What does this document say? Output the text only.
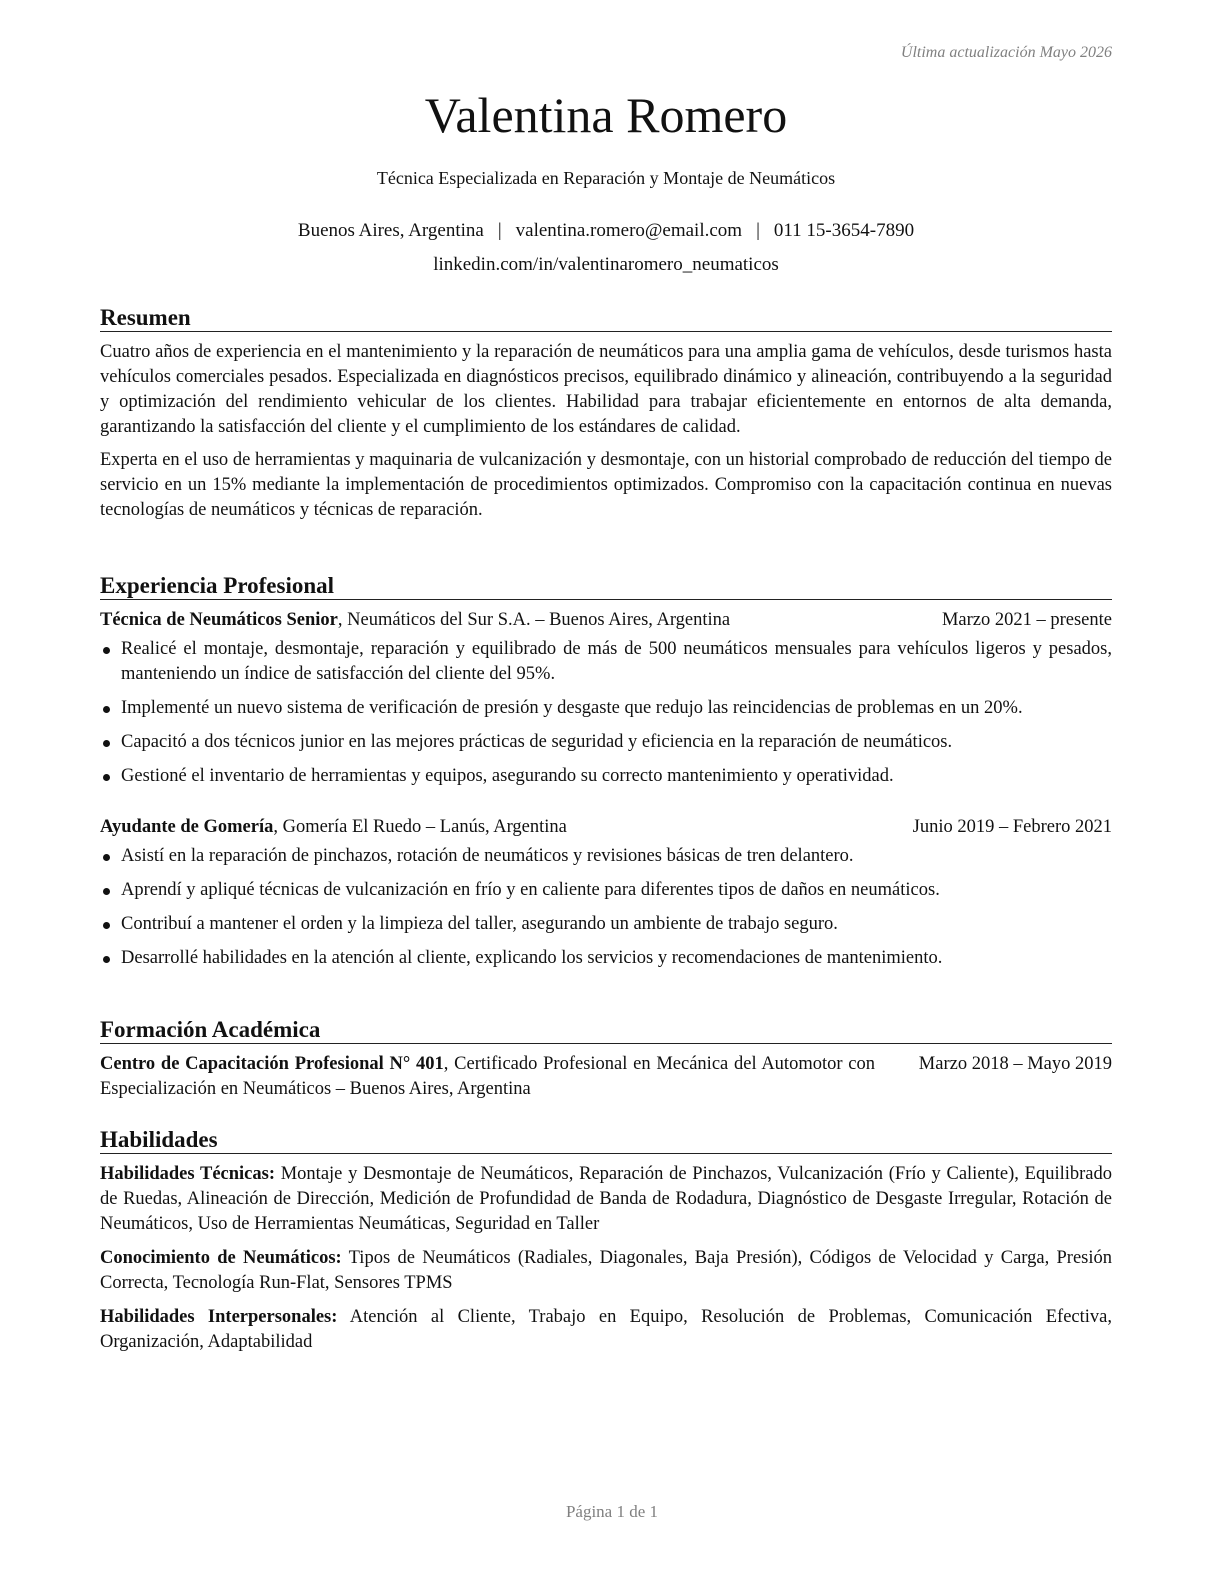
Última actualización Mayo 2026
Valentina Romero
Técnica Especializada en Reparación y Montaje de Neumáticos
Buenos Aires, Argentina | valentina.romero@email.com | 011 15-3654-7890
linkedin.com/in/valentinaromero_neumaticos
Resumen

Cuatro años de experiencia en el mantenimiento y la reparación de neumáticos para una amplia gama de vehículos, desde turismos hasta vehículos comerciales pesados. Especializada en diagnósticos precisos, equilibrado dinámico y alineación, contribuyendo a la seguridad y optimización del rendimiento vehicular de los clientes. Habilidad para trabajar eficientemente en entornos de alta demanda, garantizando la satisfacción del cliente y el cumplimiento de los estándares de calidad.

Experta en el uso de herramientas y maquinaria de vulcanización y desmontaje, con un historial comprobado de reducción del tiempo de servicio en un 15% mediante la implementación de procedimientos optimizados. Compromiso con la capacitación continua en nuevas tecnologías de neumáticos y técnicas de reparación.

Experiencia Profesional
Técnica de Neumáticos Senior, Neumáticos del Sur S.A. – Buenos Aires, Argentina	Marzo 2021 – presente
Realicé el montaje, desmontaje, reparación y equilibrado de más de 500 neumáticos mensuales para vehículos ligeros y pesados, manteniendo un índice de satisfacción del cliente del 95%.
Implementé un nuevo sistema de verificación de presión y desgaste que redujo las reincidencias de problemas en un 20%.
Capacitó a dos técnicos junior en las mejores prácticas de seguridad y eficiencia en la reparación de neumáticos.
Gestioné el inventario de herramientas y equipos, asegurando su correcto mantenimiento y operatividad.
Ayudante de Gomería, Gomería El Ruedo – Lanús, Argentina	Junio 2019 – Febrero 2021
Asistí en la reparación de pinchazos, rotación de neumáticos y revisiones básicas de tren delantero.
Aprendí y apliqué técnicas de vulcanización en frío y en caliente para diferentes tipos de daños en neumáticos.
Contribuí a mantener el orden y la limpieza del taller, asegurando un ambiente de trabajo seguro.
Desarrollé habilidades en la atención al cliente, explicando los servicios y recomendaciones de mantenimiento.
Formación Académica
Centro de Capacitación Profesional N° 401, Certificado Profesional en Mecánica del Automotor con Especialización en Neumáticos – Buenos Aires, Argentina
Marzo 2018 – Mayo 2019
Habilidades

Habilidades Técnicas: Montaje y Desmontaje de Neumáticos, Reparación de Pinchazos, Vulcanización (Frío y Caliente), Equilibrado de Ruedas, Alineación de Dirección, Medición de Profundidad de Banda de Rodadura, Diagnóstico de Desgaste Irregular, Rotación de Neumáticos, Uso de Herramientas Neumáticas, Seguridad en Taller

Conocimiento de Neumáticos: Tipos de Neumáticos (Radiales, Diagonales, Baja Presión), Códigos de Velocidad y Carga, Presión Correcta, Tecnología Run-Flat, Sensores TPMS

Habilidades Interpersonales: Atención al Cliente, Trabajo en Equipo, Resolución de Problemas, Comunicación Efectiva, Organización, Adaptabilidad

Página 1 de 1
